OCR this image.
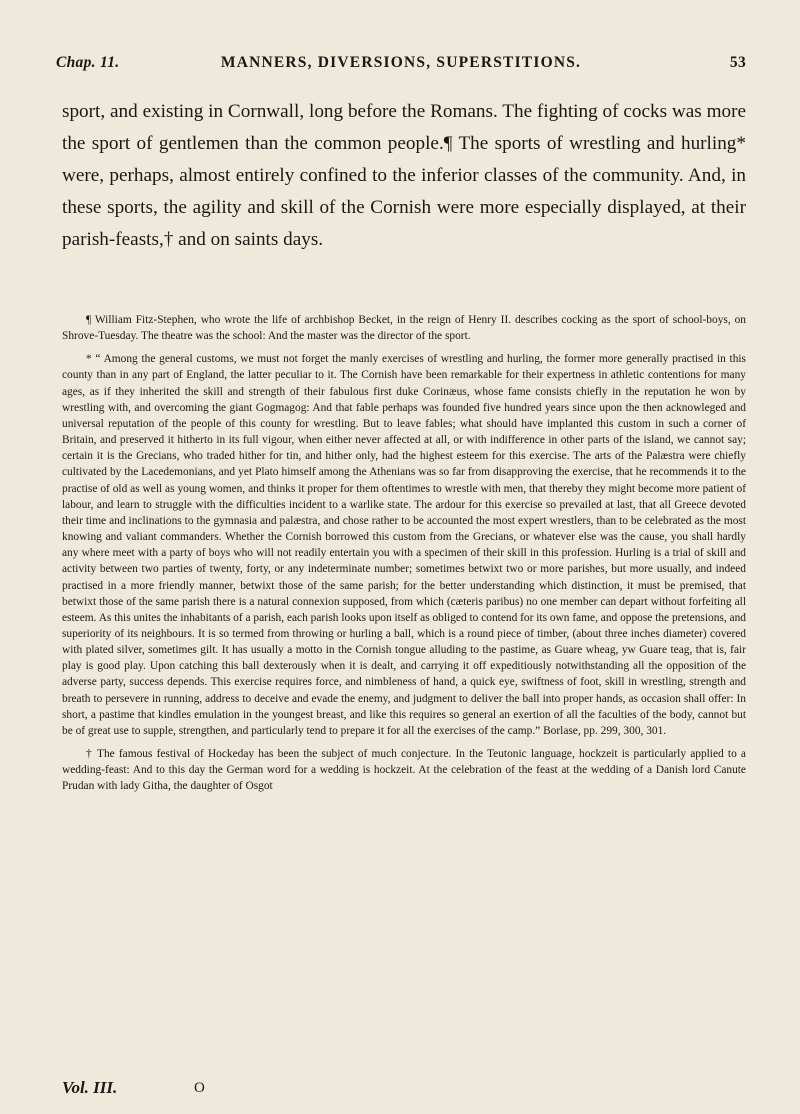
Chap. 11.	MANNERS, DIVERSIONS, SUPERSTITIONS.	53

sport, and existing in Cornwall, long before the Romans. The fighting of cocks was more the sport of gentlemen than the common people.¶ The sports of wrestling and hurling* were, perhaps, almost entirely confined to the inferior classes of the community. And, in these sports, the agility and skill of the Cornish were more especially displayed, at their parish-feasts,† and on saints days.

¶ William Fitz-Stephen, who wrote the life of archbishop Becket, in the reign of Henry II. describes cocking as the sport of school-boys, on Shrove-Tuesday. The theatre was the school: And the master was the director of the sport.

* “ Among the general customs, we must not forget the manly exercises of wrestling and hurling, the former more generally practised in this county than in any part of England, the latter peculiar to it. The Cornish have been remarkable for their expertness in athletic contentions for many ages, as if they inherited the skill and strength of their fabulous first duke Corinæus, whose fame consists chiefly in the reputation he won by wrestling with, and overcoming the giant Gogmagog: And that fable perhaps was founded five hundred years since upon the then acknowleged and universal reputation of the people of this county for wrestling. But to leave fables; what should have implanted this custom in such a corner of Britain, and preserved it hitherto in its full vigour, when either never affected at all, or with indifference in other parts of the island, we cannot say; certain it is the Grecians, who traded hither for tin, and hither only, had the highest esteem for this exercise. The arts of the Palæstra were chiefly cultivated by the Lacedemonians, and yet Plato himself among the Athenians was so far from disapproving the exercise, that he recommends it to the practise of old as well as young women, and thinks it proper for them oftentimes to wrestle with men, that thereby they might become more patient of labour, and learn to struggle with the difficulties incident to a warlike state. The ardour for this exercise so prevailed at last, that all Greece devoted their time and inclinations to the gymnasia and palæstra, and chose rather to be accounted the most expert wrestlers, than to be celebrated as the most knowing and valiant commanders. Whether the Cornish borrowed this custom from the Grecians, or whatever else was the cause, you shall hardly any where meet with a party of boys who will not readily entertain you with a specimen of their skill in this profession. Hurling is a trial of skill and activity between two parties of twenty, forty, or any indeterminate number; sometimes betwixt two or more parishes, but more usually, and indeed practised in a more friendly manner, betwixt those of the same parish; for the better understanding which distinction, it must be premised, that betwixt those of the same parish there is a natural connexion supposed, from which (cæteris paribus) no one member can depart without forfeiting all esteem. As this unites the inhabitants of a parish, each parish looks upon itself as obliged to contend for its own fame, and oppose the pretensions, and superiority of its neighbours. It is so termed from throwing or hurling a ball, which is a round piece of timber, (about three inches diameter) covered with plated silver, sometimes gilt. It has usually a motto in the Cornish tongue alluding to the pastime, as Guare wheag, yw Guare teag, that is, fair play is good play. Upon catching this ball dexterously when it is dealt, and carrying it off expeditiously notwithstanding all the opposition of the adverse party, success depends. This exercise requires force, and nimbleness of hand, a quick eye, swiftness of foot, skill in wrestling, strength and breath to persevere in running, address to deceive and evade the enemy, and judgment to deliver the ball into proper hands, as occasion shall offer: In short, a pastime that kindles emulation in the youngest breast, and like this requires so general an exertion of all the faculties of the body, cannot but be of great use to supple, strengthen, and particularly tend to prepare it for all the exercises of the camp.” Borlase, pp. 299, 300, 301.

† The famous festival of Hockeday has been the subject of much conjecture. In the Teutonic language, hockzeit is particularly applied to a wedding-feast: And to this day the German word for a wedding is hockzeit. At the celebration of the feast at the wedding of a Danish lord Canute Prudan with lady Githa, the daughter of Osgot

Vol. III.	O
